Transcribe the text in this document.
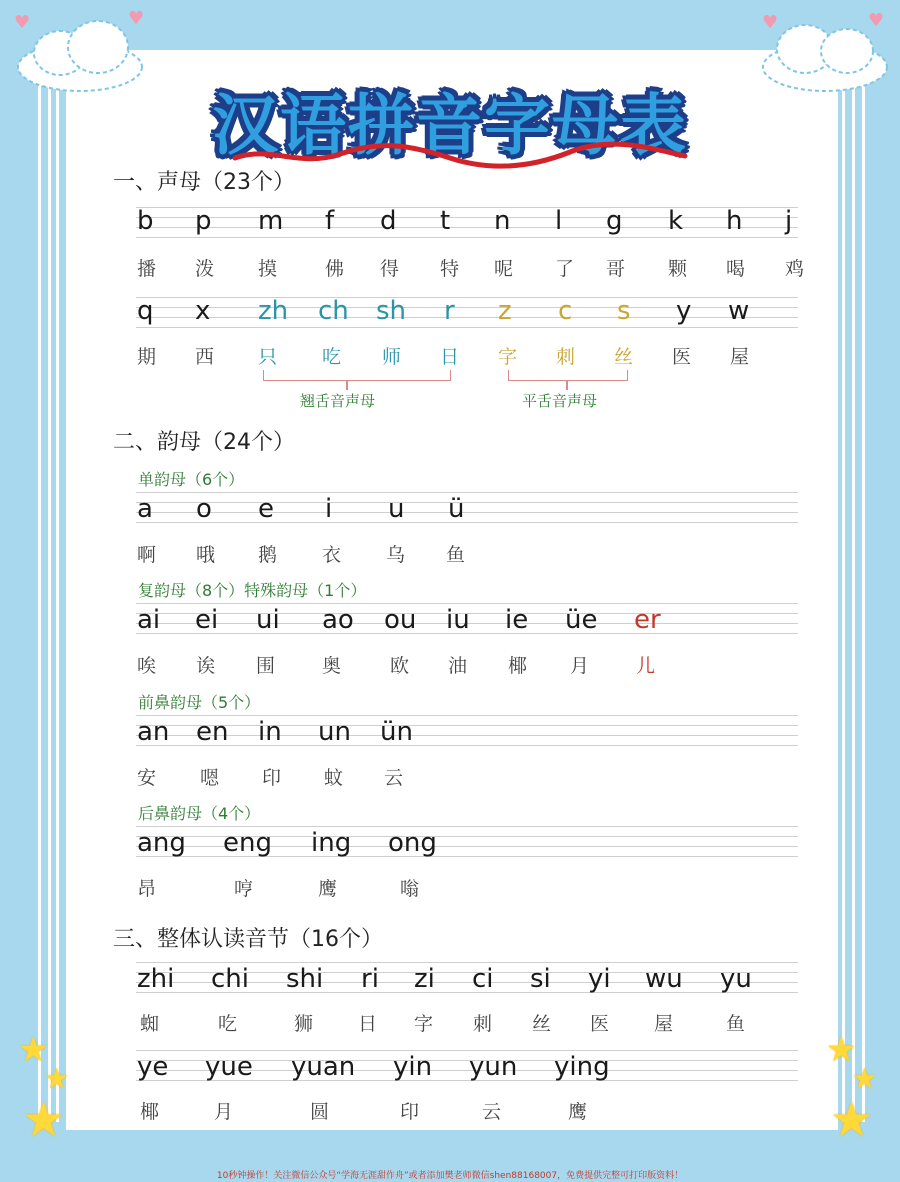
♥	♥	♥	♥
★
★
★
★
★
★
汉语拼音字母表
一、声母（23个）
b p m f d t n l g k h j
播 泼 摸	佛 得 特 呢 了 哥 颗 喝 鸡
q x zh ch sh r z c s y w
期 西 只 吃 师 日 字 刺 丝 医 屋
翘舌音声母	平舌音声母
二、韵母（24个）
单韵母（6个）
a o e i u ü
啊 哦 鹅 衣 乌 鱼
复韵母（8个）特殊韵母（1个）
ai ei ui ao ou iu ie üe er
唉 诶 围 奥	欧 油 椰 月 儿
前鼻韵母（5个）
an en in un ün
安 嗯 印 蚊 云
后鼻韵母（4个）
ang eng ing ong
昂	哼	鹰	嗡
三、整体认读音节（16个）
zhi chi shi ri zi ci si yi wu yu
蜘	吃	狮 日 字 刺 丝 医 屋	鱼
ye yue yuan yin yun ying
椰	月	圆	印	云	鹰
10秒钟操作！关注微信公众号“学海无涯甜作舟”或者添加樊老师微信shen88168007，免费提供完整可打印版资料！
